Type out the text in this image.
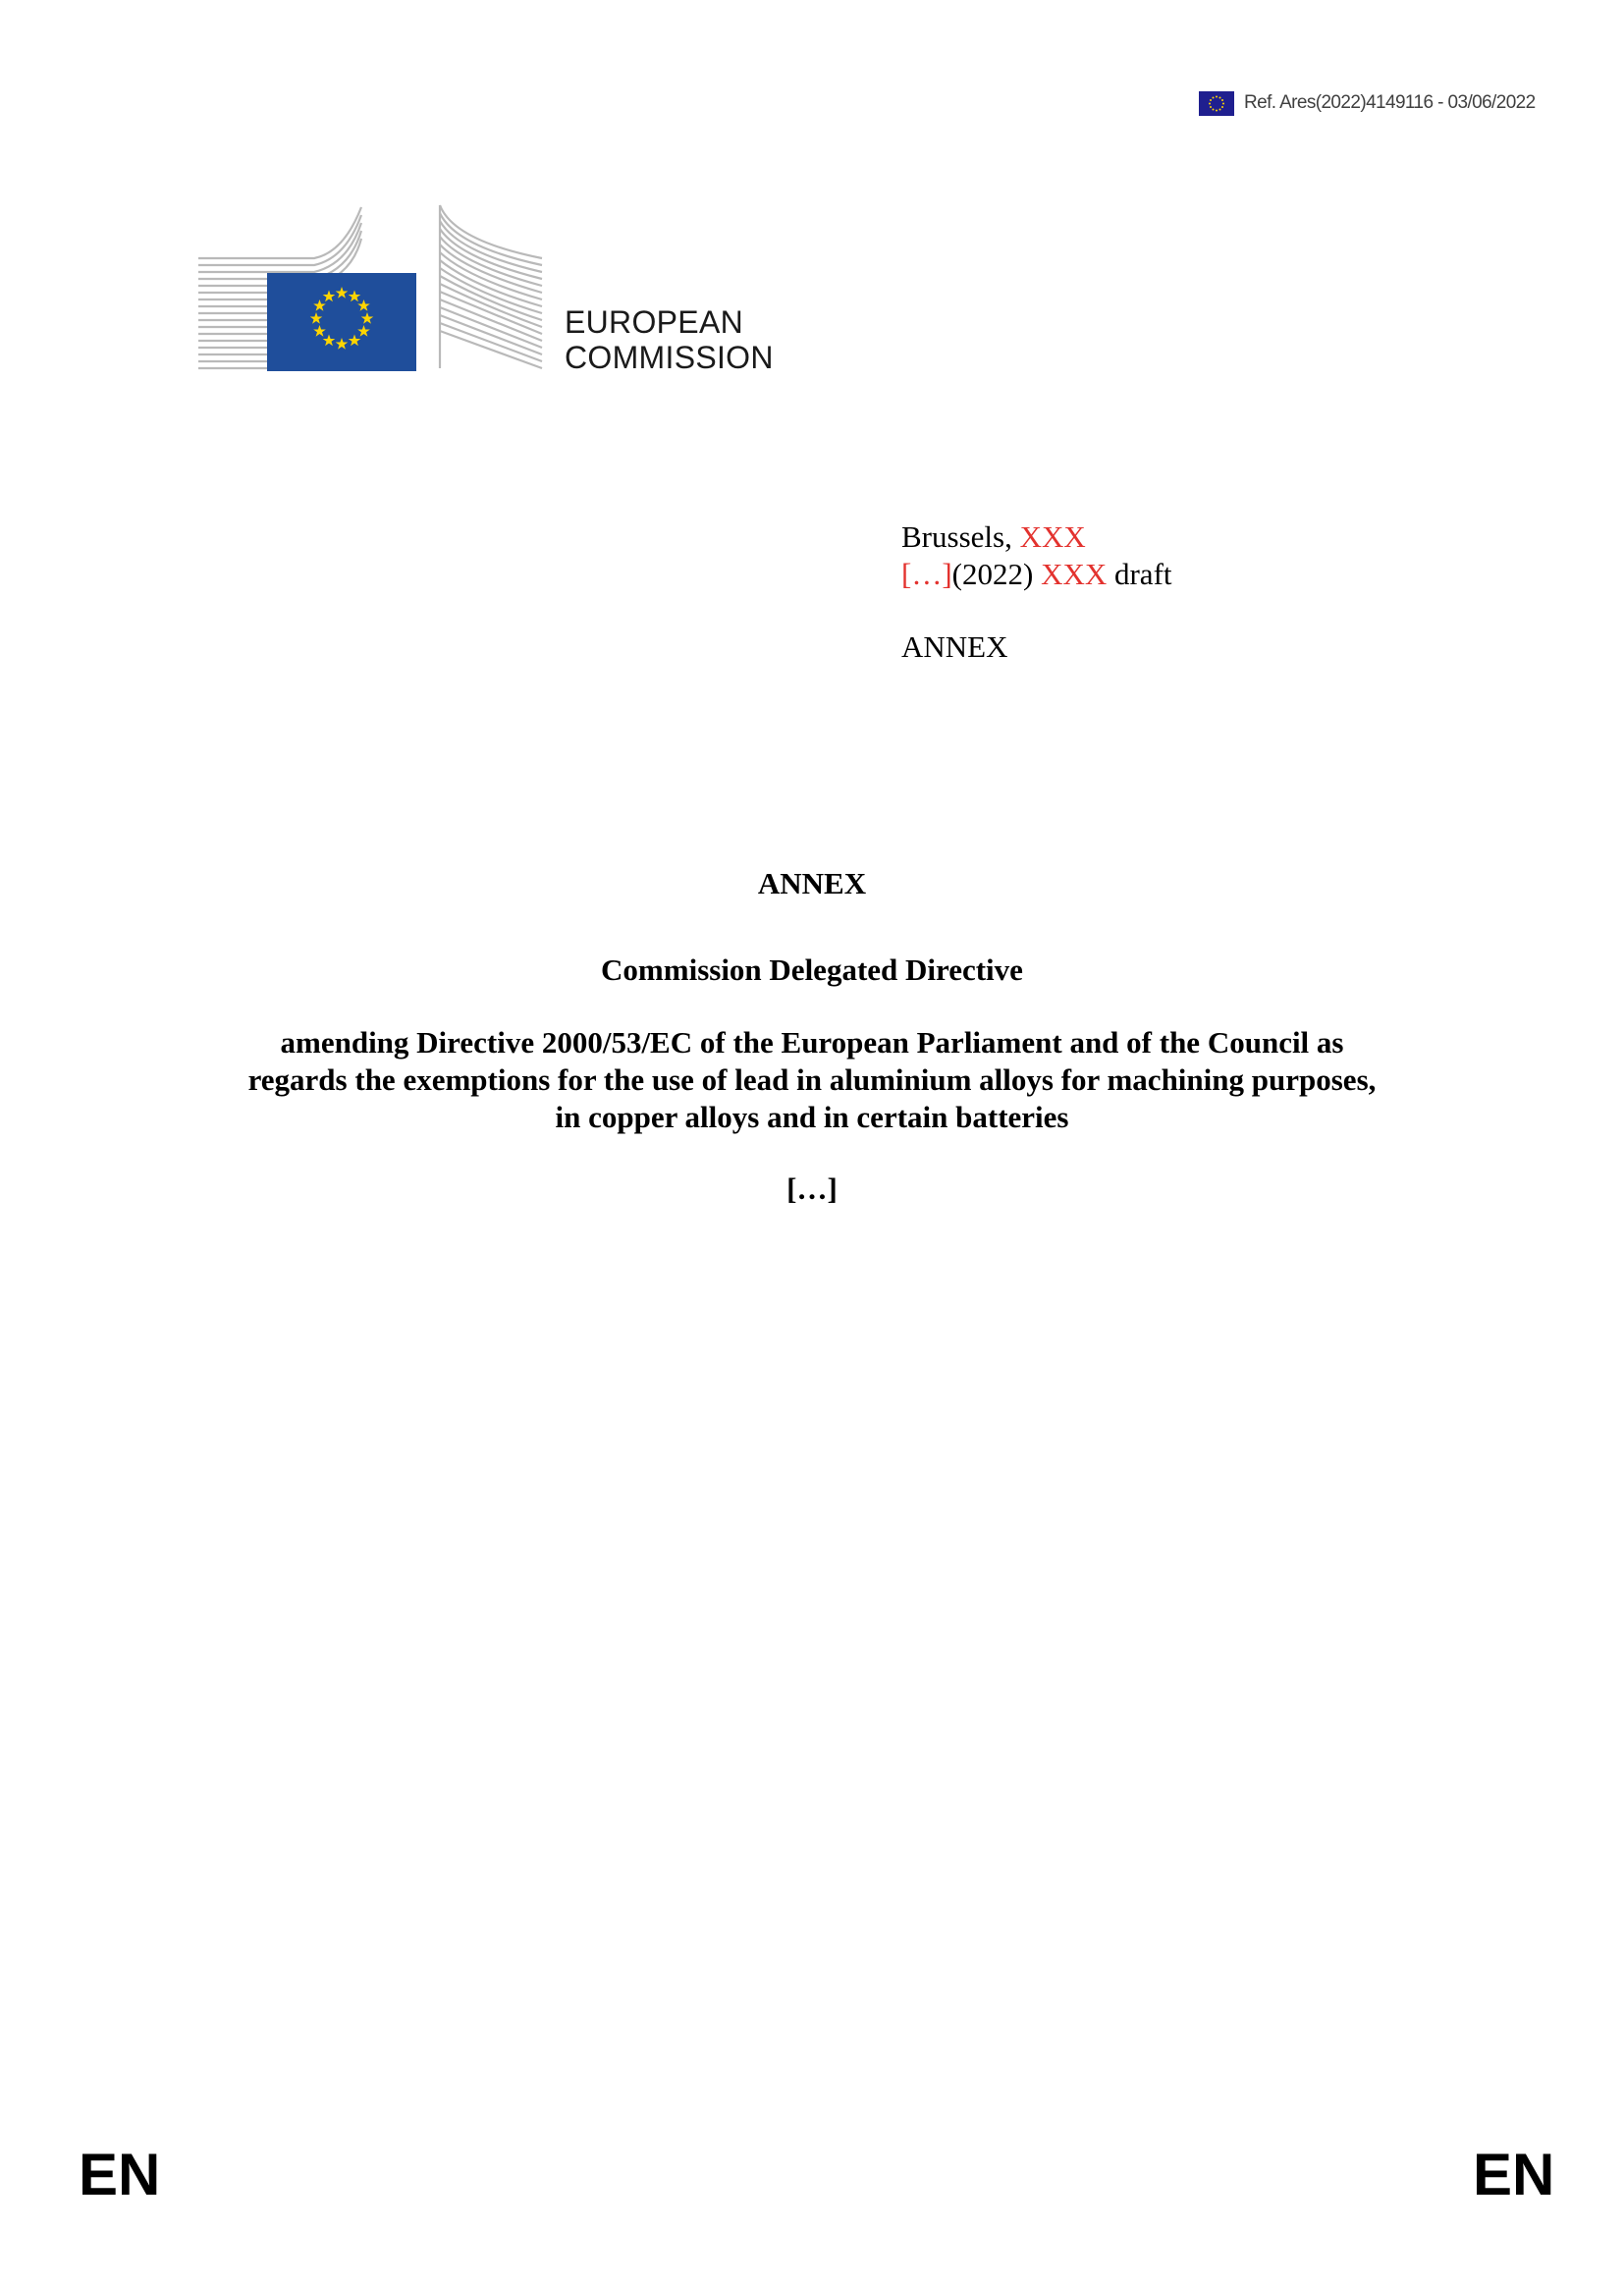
Ref. Ares(2022)4149116 - 03/06/2022
EUROPEAN
COMMISSION
Brussels, XXX
[…](2022) XXX draft
ANNEX
ANNEX
Commission Delegated Directive
amending Directive 2000/53/EC of the European Parliament and of the Council as
regards the exemptions for the use of lead in aluminium alloys for machining purposes,
in copper alloys and in certain batteries
[…]
EN	EN
